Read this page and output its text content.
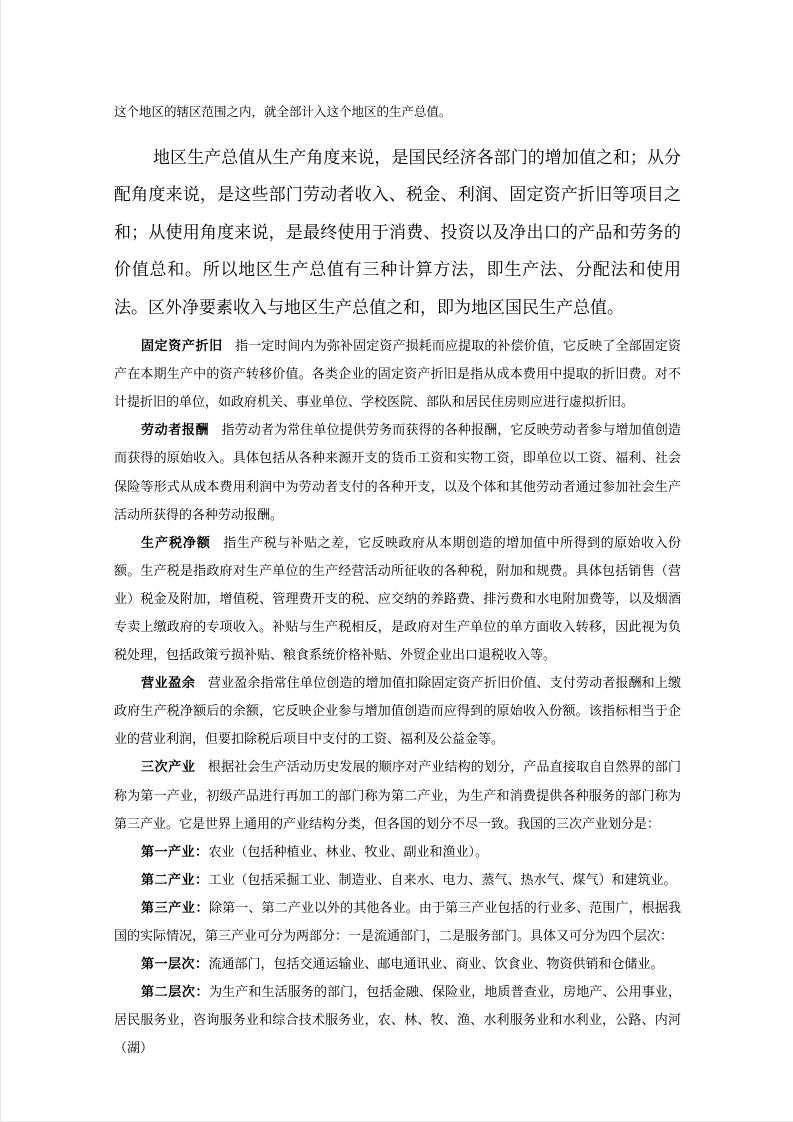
这个地区的辖区范围之内，就全部计入这个地区的生产总值。

地区生产总值从生产角度来说，是国民经济各部门的增加值之和；从分配角度来说，是这些部门劳动者收入、税金、利润、固定资产折旧等项目之和；从使用角度来说，是最终使用于消费、投资以及净出口的产品和劳务的价值总和。所以地区生产总值有三种计算方法，即生产法、分配法和使用法。区外净要素收入与地区生产总值之和，即为地区国民生产总值。

固定资产折旧 指一定时间内为弥补固定资产损耗而应提取的补偿价值，它反映了全部固定资产在本期生产中的资产转移价值。各类企业的固定资产折旧是指从成本费用中提取的折旧费。对不计提折旧的单位，如政府机关、事业单位、学校医院、部队和居民住房则应进行虚拟折旧。

劳动者报酬 指劳动者为常住单位提供劳务而获得的各种报酬，它反映劳动者参与增加值创造而获得的原始收入。具体包括从各种来源开支的货币工资和实物工资，即单位以工资、福利、社会保险等形式从成本费用利润中为劳动者支付的各种开支，以及个体和其他劳动者通过参加社会生产活动所获得的各种劳动报酬。

生产税净额 指生产税与补贴之差，它反映政府从本期创造的增加值中所得到的原始收入份额。生产税是指政府对生产单位的生产经营活动所征收的各种税，附加和规费。具体包括销售（营业）税金及附加，增值税、管理费开支的税、应交纳的养路费、排污费和水电附加费等，以及烟酒专卖上缴政府的专项收入。补贴与生产税相反，是政府对生产单位的单方面收入转移，因此视为负税处理，包括政策亏损补贴、粮食系统价格补贴、外贸企业出口退税收入等。

营业盈余 营业盈余指常住单位创造的增加值扣除固定资产折旧价值、支付劳动者报酬和上缴政府生产税净额后的余额，它反映企业参与增加值创造而应得到的原始收入份额。该指标相当于企业的营业利润，但要扣除税后项目中支付的工资、福利及公益金等。

三次产业 根据社会生产活动历史发展的顺序对产业结构的划分，产品直接取自自然界的部门称为第一产业，初级产品进行再加工的部门称为第二产业，为生产和消费提供各种服务的部门称为第三产业。它是世界上通用的产业结构分类，但各国的划分不尽一致。我国的三次产业划分是：

第一产业：农业（包括种植业、林业、牧业、副业和渔业）。

第二产业：工业（包括采掘工业、制造业、自来水、电力、蒸气、热水气、煤气）和建筑业。

第三产业：除第一、第二产业以外的其他各业。由于第三产业包括的行业多、范围广，根据我国的实际情况，第三产业可分为两部分：一是流通部门，二是服务部门。具体又可分为四个层次：

第一层次：流通部门，包括交通运输业、邮电通讯业、商业、饮食业、物资供销和仓储业。

第二层次：为生产和生活服务的部门，包括金融、保险业，地质普查业，房地产、公用事业，居民服务业，咨询服务业和综合技术服务业，农、林、牧、渔、水利服务业和水利业，公路、内河（湖）
